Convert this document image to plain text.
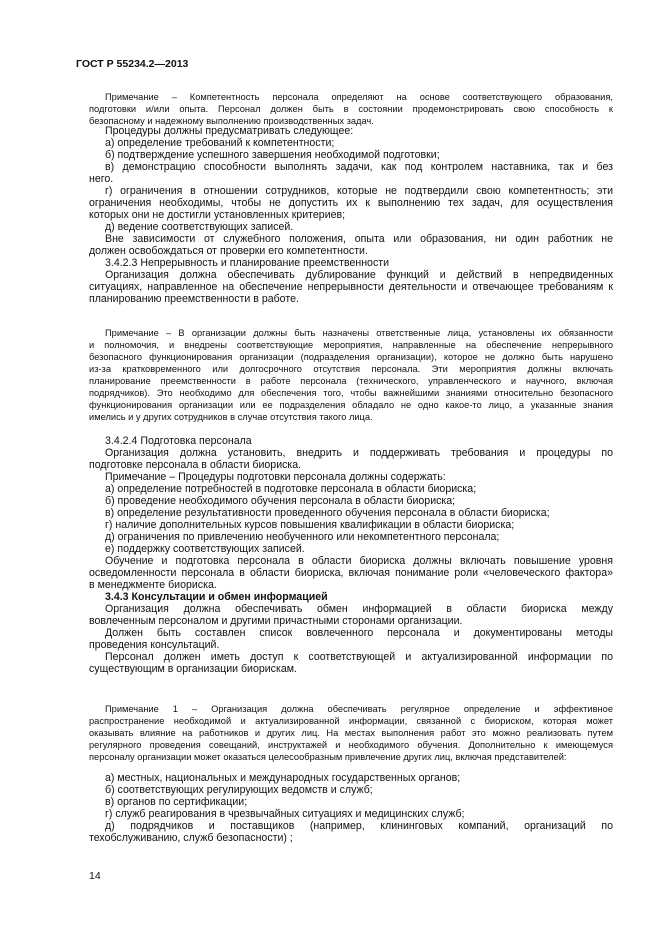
ГОСТ Р 55234.2—2013
Примечание – Компетентность персонала определяют на основе соответствующего образования,
подготовки и/или опыта. Персонал должен быть в состоянии продемонстрировать свою способность к
безопасному и надежному выполнению производственных задач.
Процедуры должны предусматривать следующее:
а) определение требований к компетентности;
б) подтверждение успешного завершения необходимой подготовки;
в) демонстрацию способности выполнять задачи, как под контролем наставника, так и без
него.
г) ограничения в отношении сотрудников, которые не подтвердили свою компетентность; эти
ограничения необходимы, чтобы не допустить их к выполнению тех задач, для осуществления
которых они не достигли установленных критериев;
д) ведение соответствующих записей.
Вне зависимости от служебного положения, опыта или образования, ни один работник не
должен освобождаться от проверки его компетентности.
3.4.2.3 Непрерывность и планирование преемственности
Организация должна обеспечивать дублирование функций и действий в непредвиденных
ситуациях, направленное на обеспечение непрерывности деятельности и отвечающее требованиям к
планированию преемственности в работе.
Примечание – В организации должны быть назначены ответственные лица, установлены их обязанности
и полномочия, и внедрены соответствующие мероприятия, направленные на обеспечение непрерывного
безопасного функционирования организации (подразделения организации), которое не должно быть нарушено
из-за кратковременного или долгосрочного отсутствия персонала. Эти мероприятия должны включать
планирование преемственности в работе персонала (технического, управленческого и научного, включая
подрядчиков). Это необходимо для обеспечения того, чтобы важнейшими знаниями относительно безопасного
функционирования организации или ее подразделения обладало не одно какое-то лицо, а указанные знания
имелись и у других сотрудников в случае отсутствия такого лица.
3.4.2.4 Подготовка персонала
Организация должна установить, внедрить и поддерживать требования и процедуры по
подготовке персонала в области биориска.
Примечание – Процедуры подготовки персонала должны содержать:
а) определение потребностей в подготовке персонала в области биориска;
б) проведение необходимого обучения персонала в области биориска;
в) определение результативности проведенного обучения персонала в области биориска;
г) наличие дополнительных курсов повышения квалификации в области биориска;
д) ограничения по привлечению необученного или некомпетентного персонала;
е) поддержку соответствующих записей.
Обучение и подготовка персонала в области биориска должны включать повышение уровня
осведомленности персонала в области биориска, включая понимание роли «человеческого фактора»
в менеджменте биориска.
3.4.3 Консультации и обмен информацией
Организация должна обеспечивать обмен информацией в области биориска между
вовлеченным персоналом и другими причастными сторонами организации.
Должен быть составлен список вовлеченного персонала и документированы методы
проведения консультаций.
Персонал должен иметь доступ к соответствующей и актуализированной информации по
существующим в организации биорискам.
Примечание 1 – Организация должна обеспечивать регулярное определение и эффективное
распространение необходимой и актуализированной информации, связанной с биориском, которая может
оказывать влияние на работников и других лиц. На местах выполнения работ это можно реализовать путем
регулярного проведения совещаний, инструктажей и необходимого обучения. Дополнительно к имеющемуся
персоналу организации может оказаться целесообразным привлечение других лиц, включая представителей:
а) местных, национальных и международных государственных органов;
б) соответствующих регулирующих ведомств и служб;
в) органов по сертификации;
г) служб реагирования в чрезвычайных ситуациях и медицинских служб;
д) подрядчиков и поставщиков (например, клининговых компаний, организаций по
техобслуживанию, служб безопасности) ;
14
